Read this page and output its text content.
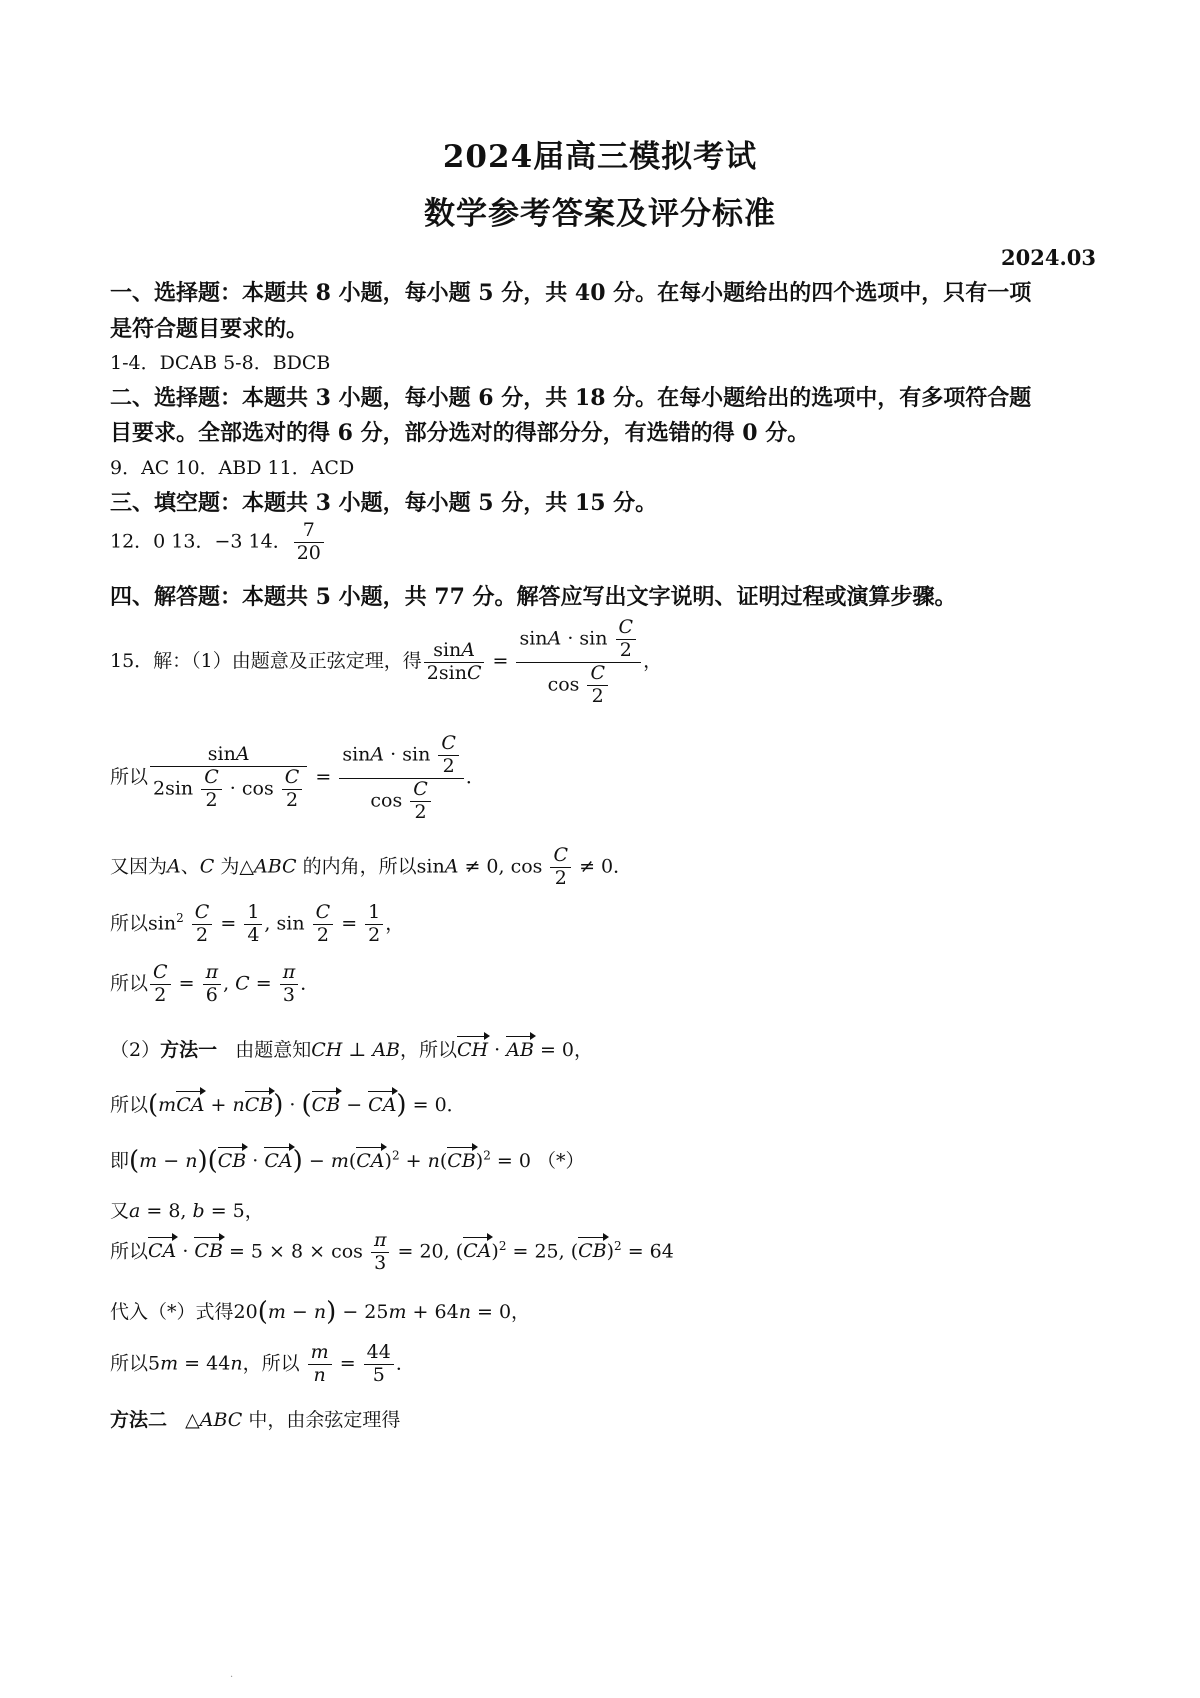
2024届高三模拟考试
数学参考答案及评分标准
2024.03
一、选择题：本题共 8 小题，每小题 5 分，共 40 分。在每小题给出的四个选项中，只有一项
是符合题目要求的。
1-4．DCAB 5-8．BDCB
二、选择题：本题共 3 小题，每小题 6 分，共 18 分。在每小题给出的选项中，有多项符合题
目要求。全部选对的得 6 分，部分选对的得部分分，有选错的得 0 分。
9．AC 10．ABD 11．ACD
三、填空题：本题共 3 小题，每小题 5 分，共 15 分。
12．0 13．−3 14． $\frac{7}{20}$
四、解答题：本题共 5 小题，共 77 分。解答应写出文字说明、证明过程或演算步骤。
15．解：（1）由题意及正弦定理，得 $\frac{\sin A}{2\sin C} = \frac{\sin A \cdot \sin \frac{C}{2}}{\cos \frac{C}{2}}$ ，
所以 $\frac{\sin A}{2\sin \frac{C}{2} \cdot \cos \frac{C}{2}} = \frac{\sin A \cdot \sin \frac{C}{2}}{\cos \frac{C}{2}}$ ．
又因为A、C 为△ABC 的内角，所以sinA ≠ 0, $\cos \frac{C}{2} \ne 0$．
所以$\sin^2 \frac{C}{2} = \frac{1}{4}$ , $\sin \frac{C}{2} = \frac{1}{2}$ ，
所以 $\frac{C}{2} = \frac{\pi}{6}$ , $C = \frac{\pi}{3}$ ．
（2）方法一 由题意知CH ⊥ AB，所以CH · AB = 0，
所以(mCA + nCB) · (CB − CA) = 0．
即(m − n)(CB · CA) − m(CA)$^2$ + n(CB)$^2$ = 0 （*）
又a = 8, b = 5，
所以CA · CB = $5 \times 8 \times \cos \frac{\pi}{3} = 20$, (CA)$^2$ = 25, (CB)$^2$ = 64
代入（*）式得20(m − n) − 25m + 64n = 0，
所以5m = 44n，所以 $\frac{m}{n} = \frac{44}{5}$ ．
方法二   △ABC 中，由余弦定理得
·
